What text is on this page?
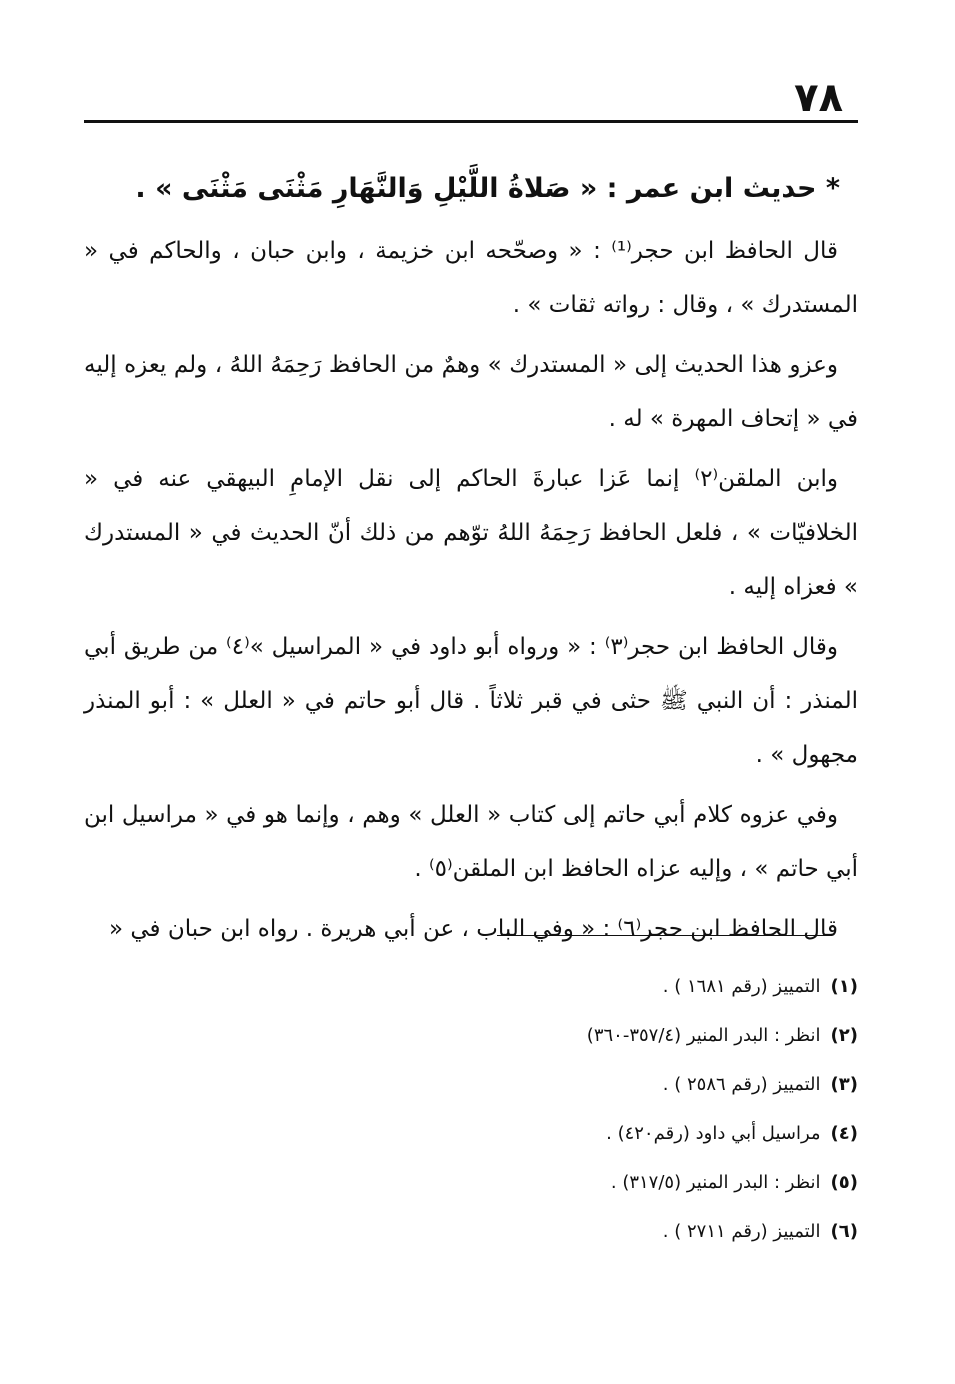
٧٨

* حديث ابن عمر : « صَلاةُ اللَّيْلِ وَالنَّهَارِ مَثْنَى مَثْنَى » .

قال الحافظ ابن حجر⁽¹⁾ : « وصحّحه ابن خزيمة ، وابن حبان ، والحاكم في « المستدرك » ، وقال : رواته ثقات » .

وعزو هذا الحديث إلى « المستدرك » وهمٌ من الحافظ رَحِمَهُ اللهُ ، ولم يعزه إليه في « إتحاف المهرة » له .

وابن الملقن⁽٢⁾ إنما عَزا عبارةَ الحاكم إلى نقل الإمامِ البيهقي عنه في « الخلافيّات » ، فلعل الحافظ رَحِمَهُ اللهُ توّهم من ذلك أنّ الحديث في « المستدرك » فعزاه إليه .

وقال الحافظ ابن حجر⁽٣⁾ : « ورواه أبو داود في « المراسيل »⁽٤⁾ من طريق أبي المنذر : أن النبي ﷺ حثى في قبر ثلاثاً . قال أبو حاتم في « العلل » : أبو المنذر مجهول » .

وفي عزوه كلام أبي حاتم إلى كتاب « العلل » وهم ، وإنما هو في « مراسيل ابن أبي حاتم » ، وإليه عزاه الحافظ ابن الملقن⁽٥⁾ .

قال الحافظ ابن حجر⁽٦⁾ : « وفي الباب ، عن أبي هريرة . رواه ابن حبان في «

(١)التمييز (رقم ١٦٨١ ) .

(٢)انظر : البدر المنير (٣٥٧/٤-٣٦٠)

(٣)التمييز (رقم ٢٥٨٦ ) .

(٤)مراسيل أبي داود (رقم٤٢٠) .

(٥)انظر : البدر المنير (٣١٧/٥) .

(٦)التمييز (رقم ٢٧١١ ) .
